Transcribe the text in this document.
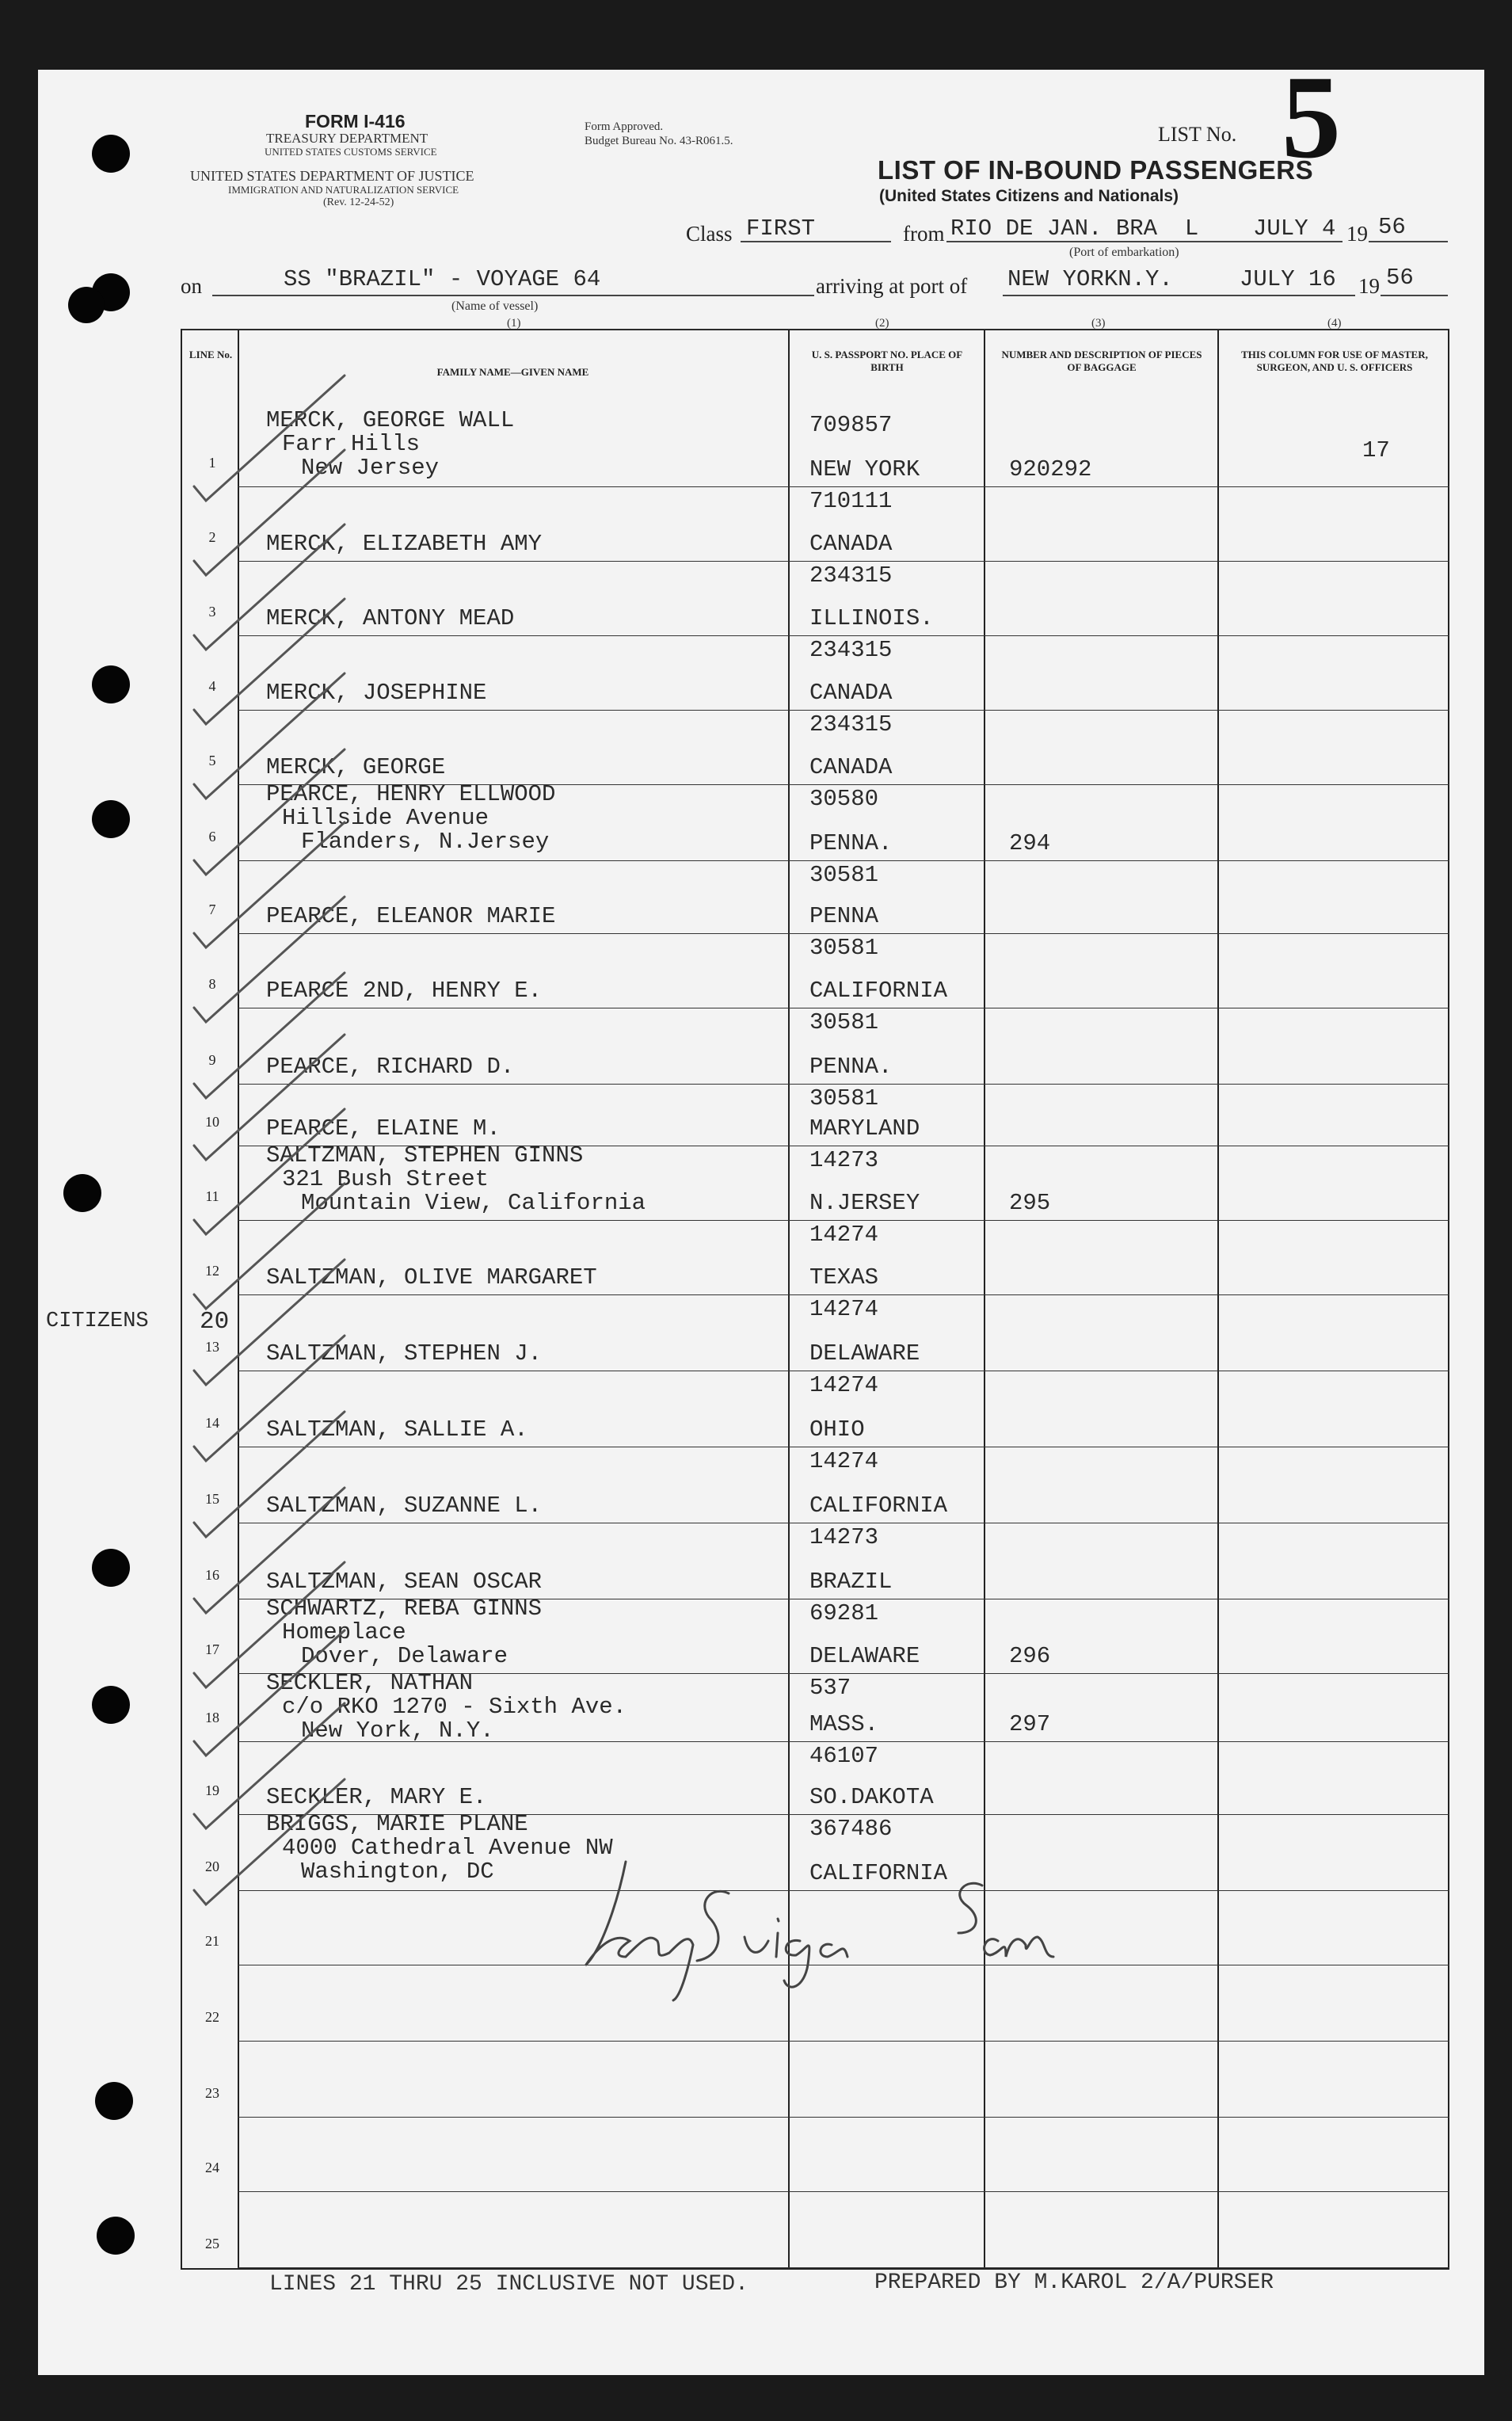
FORM I-416
TREASURY DEPARTMENT
UNITED STATES CUSTOMS SERVICE
UNITED STATES DEPARTMENT OF JUSTICE
IMMIGRATION AND NATURALIZATION SERVICE
(Rev. 12-24-52)
Form Approved.
Budget Bureau No. 43-R061.5.	LIST No. 5
LIST OF IN-BOUND PASSENGERS
(United States Citizens and Nationals)
Class FIRST	from RIO DE JAN. BRA  L JULY 4 19 56
(Port of embarkation)
on	SS "BRAZIL" - VOYAGE 64
(Name of vessel)
arriving at port of NEW YORKN.Y.	JULY 16 19 56
(1)	(2)	(3)	(4)
LINE No.
FAMILY NAME—GIVEN NAME
U. S. PASSPORT NO. PLACE OF BIRTH
NUMBER AND DESCRIPTION OF PIECES OF BAGGAGE
THIS COLUMN FOR USE OF MASTER, SURGEON, AND U. S. OFFICERS
1
MERCK, GEORGE WALL
Farr Hills
New Jersey
709857
NEW YORK	920292
17
2	MERCK, ELIZABETH AMY
710111
CANADA
3	MERCK, ANTONY MEAD
234315
ILLINOIS.
4	MERCK, JOSEPHINE
234315
CANADA
5	MERCK, GEORGE
234315
CANADA
6
PEARCE, HENRY ELLWOOD
Hillside Avenue
Flanders, N.Jersey
30580
PENNA.	294
7	PEARCE, ELEANOR MARIE
30581
PENNA
8	PEARCE 2ND, HENRY E.
30581
CALIFORNIA
9	PEARCE, RICHARD D.
30581
PENNA.
10	PEARCE, ELAINE M.
30581
MARYLAND
11
SALTZMAN, STEPHEN GINNS
321 Bush Street
Mountain View, California
14273
N.JERSEY	295
12	SALTZMAN, OLIVE MARGARET
14274
TEXAS
13	SALTZMAN, STEPHEN J.
14274
DELAWARE
14	SALTZMAN, SALLIE A.
14274
OHIO
15	SALTZMAN, SUZANNE L.
14274
CALIFORNIA
16	SALTZMAN, SEAN OSCAR
14273
BRAZIL
17
SCHWARTZ, REBA GINNS
Homeplace
Dover, Delaware
69281
DELAWARE	296
18
SECKLER, NATHAN
c/o RKO 1270 - Sixth Ave.
New York, N.Y.
537
MASS.	297
19	SECKLER, MARY E.
46107
SO.DAKOTA
20
BRIGGS, MARIE PLANE
4000 Cathedral Avenue NW
Washington, DC
367486
CALIFORNIA
21
22
23
24
25
CITIZENS 20
LINES 21 THRU 25 INCLUSIVE NOT USED.	PREPARED BY M.KAROL 2/A/PURSER
